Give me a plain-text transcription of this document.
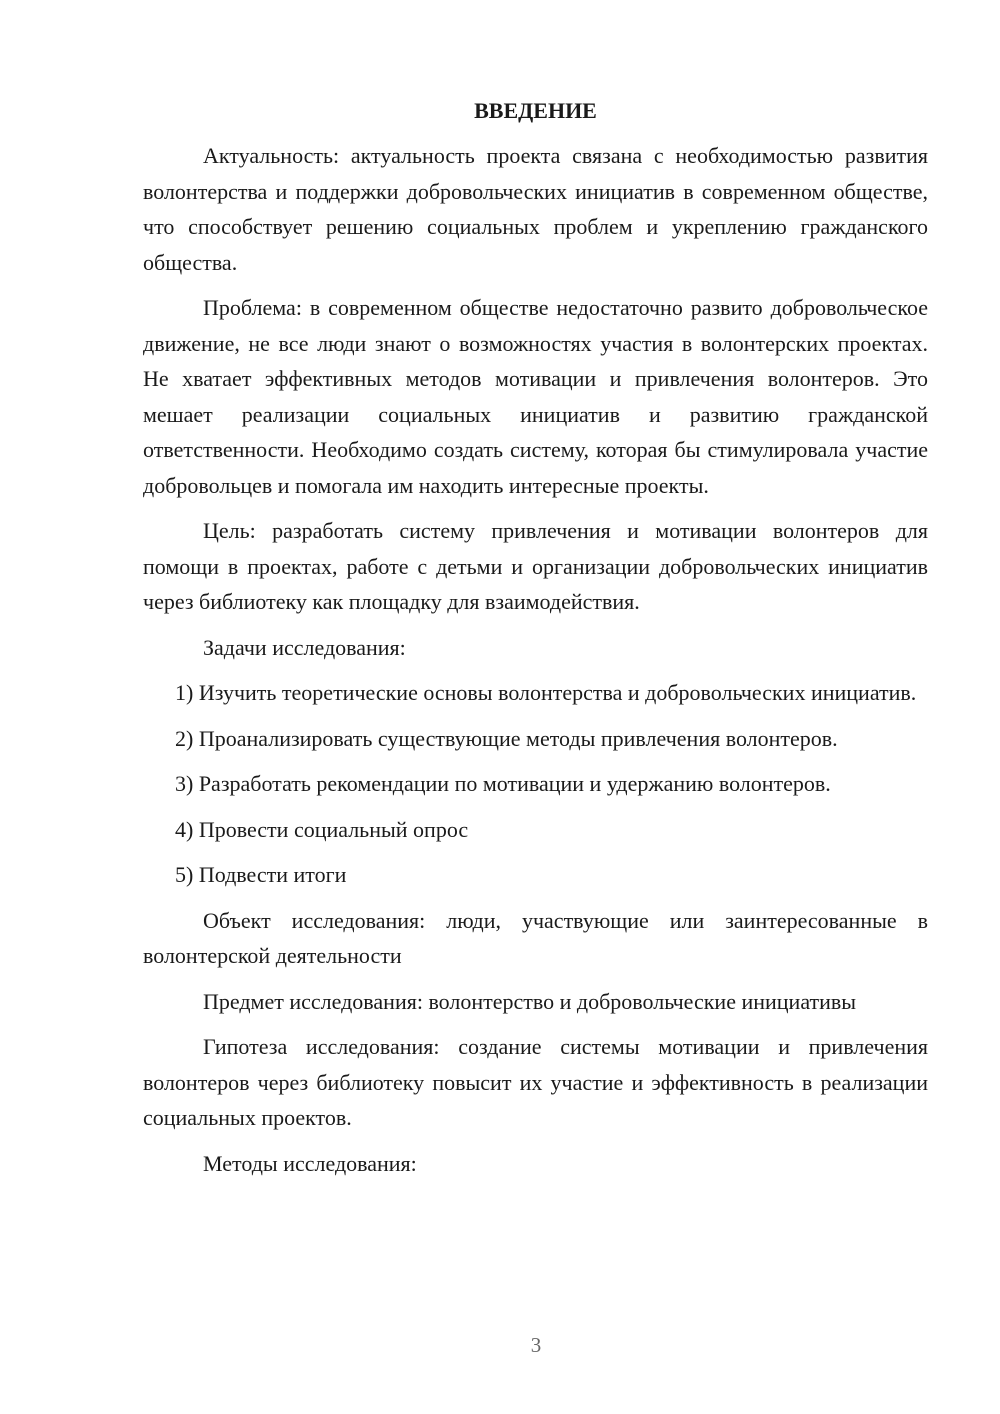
ВВЕДЕНИЕ

Актуальность: актуальность проекта связана с необходимостью развития волонтерства и поддержки добровольческих инициатив в современном обществе, что способствует решению социальных проблем и укреплению гражданского общества.

Проблема: в современном обществе недостаточно развито добровольческое движение, не все люди знают о возможностях участия в волонтерских проектах. Не хватает эффективных методов мотивации и привлечения волонтеров. Это мешает реализации социальных инициатив и развитию гражданской ответственности. Необходимо создать систему, которая бы стимулировала участие добровольцев и помогала им находить интересные проекты.

Цель: разработать систему привлечения и мотивации волонтеров для помощи в проектах, работе с детьми и организации добровольческих инициатив через библиотеку как площадку для взаимодействия.

Задачи исследования:

1) Изучить теоретические основы волонтерства и добровольческих инициатив.

2) Проанализировать существующие методы привлечения волонтеров.

3) Разработать рекомендации по мотивации и удержанию волонтеров.

4) Провести социальный опрос

5) Подвести итоги

Объект исследования: люди, участвующие или заинтересованные в волонтерской деятельности

Предмет исследования: волонтерство и добровольческие инициативы

Гипотеза исследования: создание системы мотивации и привлечения волонтеров через библиотеку повысит их участие и эффективность в реализации социальных проектов.

Методы исследования:

3
